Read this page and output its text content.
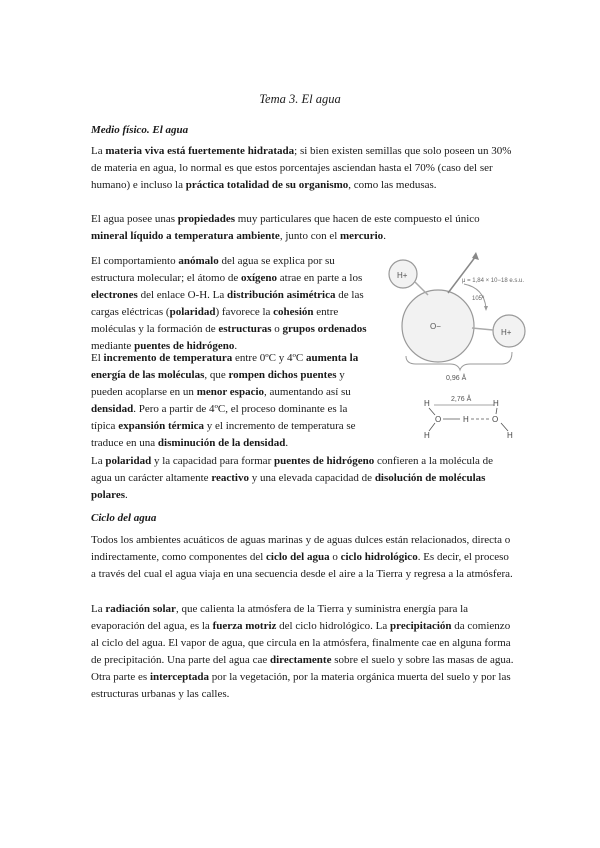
Tema 3. El agua
Medio físico. El agua

La materia viva está fuertemente hidratada; si bien existen semillas que solo poseen un 30% de materia en agua, lo normal es que estos porcentajes asciendan hasta el 70% (caso del ser humano) e incluso la práctica totalidad de su organismo, como las medusas.

El agua posee unas propiedades muy particulares que hacen de este compuesto el único mineral líquido a temperatura ambiente, junto con el mercurio.

El comportamiento anómalo del agua se explica por su estructura molecular; el átomo de oxígeno atrae en parte a los electrones del enlace O-H. La distribución asimétrica de las cargas eléctricas (polaridad) favorece la cohesión entre moléculas y la formación de estructuras o grupos ordenados mediante puentes de hidrógeno.

El incremento de temperatura entre 0ºC y 4ºC aumenta la energía de las moléculas, que rompen dichos puentes y pueden acoplarse en un menor espacio, aumentando así su densidad. Pero a partir de 4ºC, el proceso dominante es la típica expansión térmica y el incremento de temperatura se traduce en una disminución de la densidad.

La polaridad y la capacidad para formar puentes de hidrógeno confieren a la molécula de agua un carácter altamente reactivo y una elevada capacidad de disolución de moléculas polares.

Ciclo del agua

Todos los ambientes acuáticos de aguas marinas y de aguas dulces están relacionados, directa o indirectamente, como componentes del ciclo del agua o ciclo hidrológico. Es decir, el proceso a través del cual el agua viaja en una secuencia desde el aire a la Tierra y regresa a la atmósfera.

La radiación solar, que calienta la atmósfera de la Tierra y suministra energía para la evaporación del agua, es la fuerza motriz del ciclo hidrológico. La precipitación da comienzo al ciclo del agua. El vapor de agua, que circula en la atmósfera, finalmente cae en alguna forma de precipitación. Una parte del agua cae directamente sobre el suelo y sobre las masas de agua. Otra parte es interceptada por la vegetación, por la materia orgánica muerta del suelo y por las estructuras urbanas y las calles.

H+
O−
H+
μ = 1,84 × 10−18 e.s.u.
105º
0,96 Å
2,76 Å
H
O
H
H
H
O
H
